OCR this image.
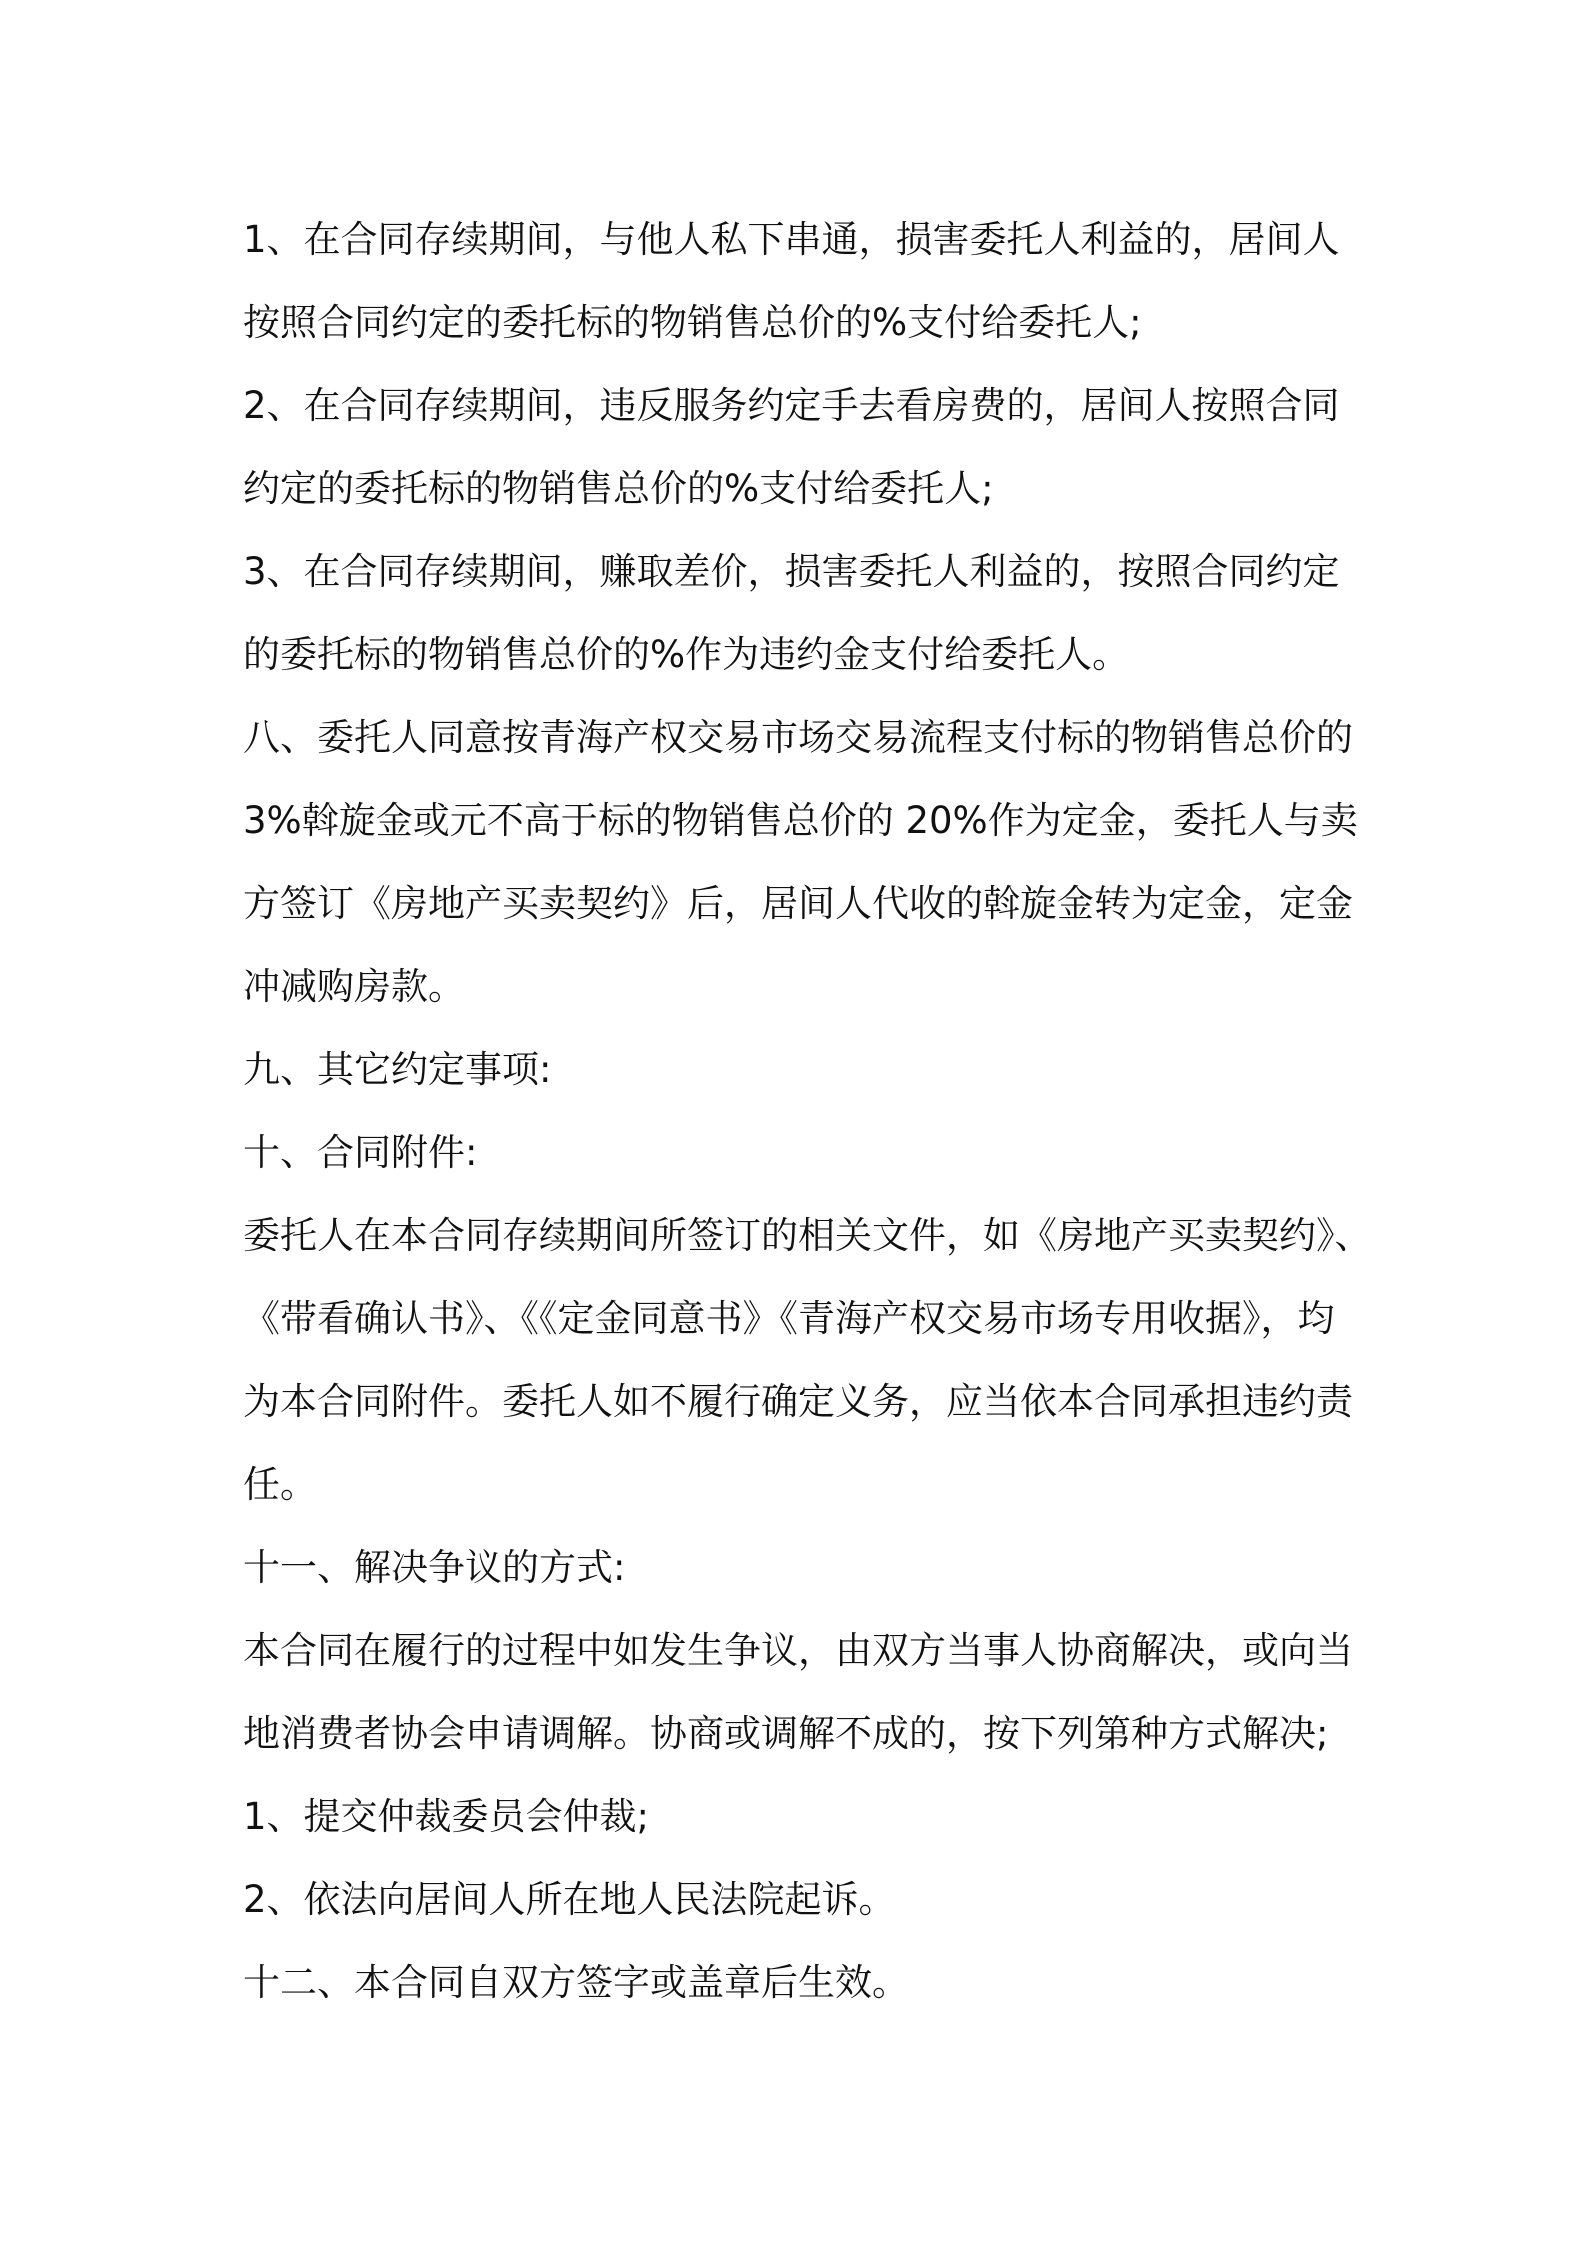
1、在合同存续期间，与他人私下串通，损害委托人利益的，居间人
按照合同约定的委托标的物销售总价的%支付给委托人;
2、在合同存续期间，违反服务约定手去看房费的，居间人按照合同
约定的委托标的物销售总价的%支付给委托人;
3、在合同存续期间，赚取差价，损害委托人利益的，按照合同约定
的委托标的物销售总价的%作为违约金支付给委托人。
八、委托人同意按青海产权交易市场交易流程支付标的物销售总价的
3%斡旋金或元不高于标的物销售总价的 20%作为定金，委托人与卖
方签订《房地产买卖契约》后，居间人代收的斡旋金转为定金，定金
冲减购房款。
九、其它约定事项:
十、合同附件:
委托人在本合同存续期间所签订的相关文件，如《房地产买卖契约》、
《带看确认书》、《《定金同意书》《青海产权交易市场专用收据》，均
为本合同附件。委托人如不履行确定义务，应当依本合同承担违约责
任。
十一、解决争议的方式:
本合同在履行的过程中如发生争议，由双方当事人协商解决，或向当
地消费者协会申请调解。协商或调解不成的，按下列第种方式解决;
1、提交仲裁委员会仲裁;
2、依法向居间人所在地人民法院起诉。
十二、本合同自双方签字或盖章后生效。
